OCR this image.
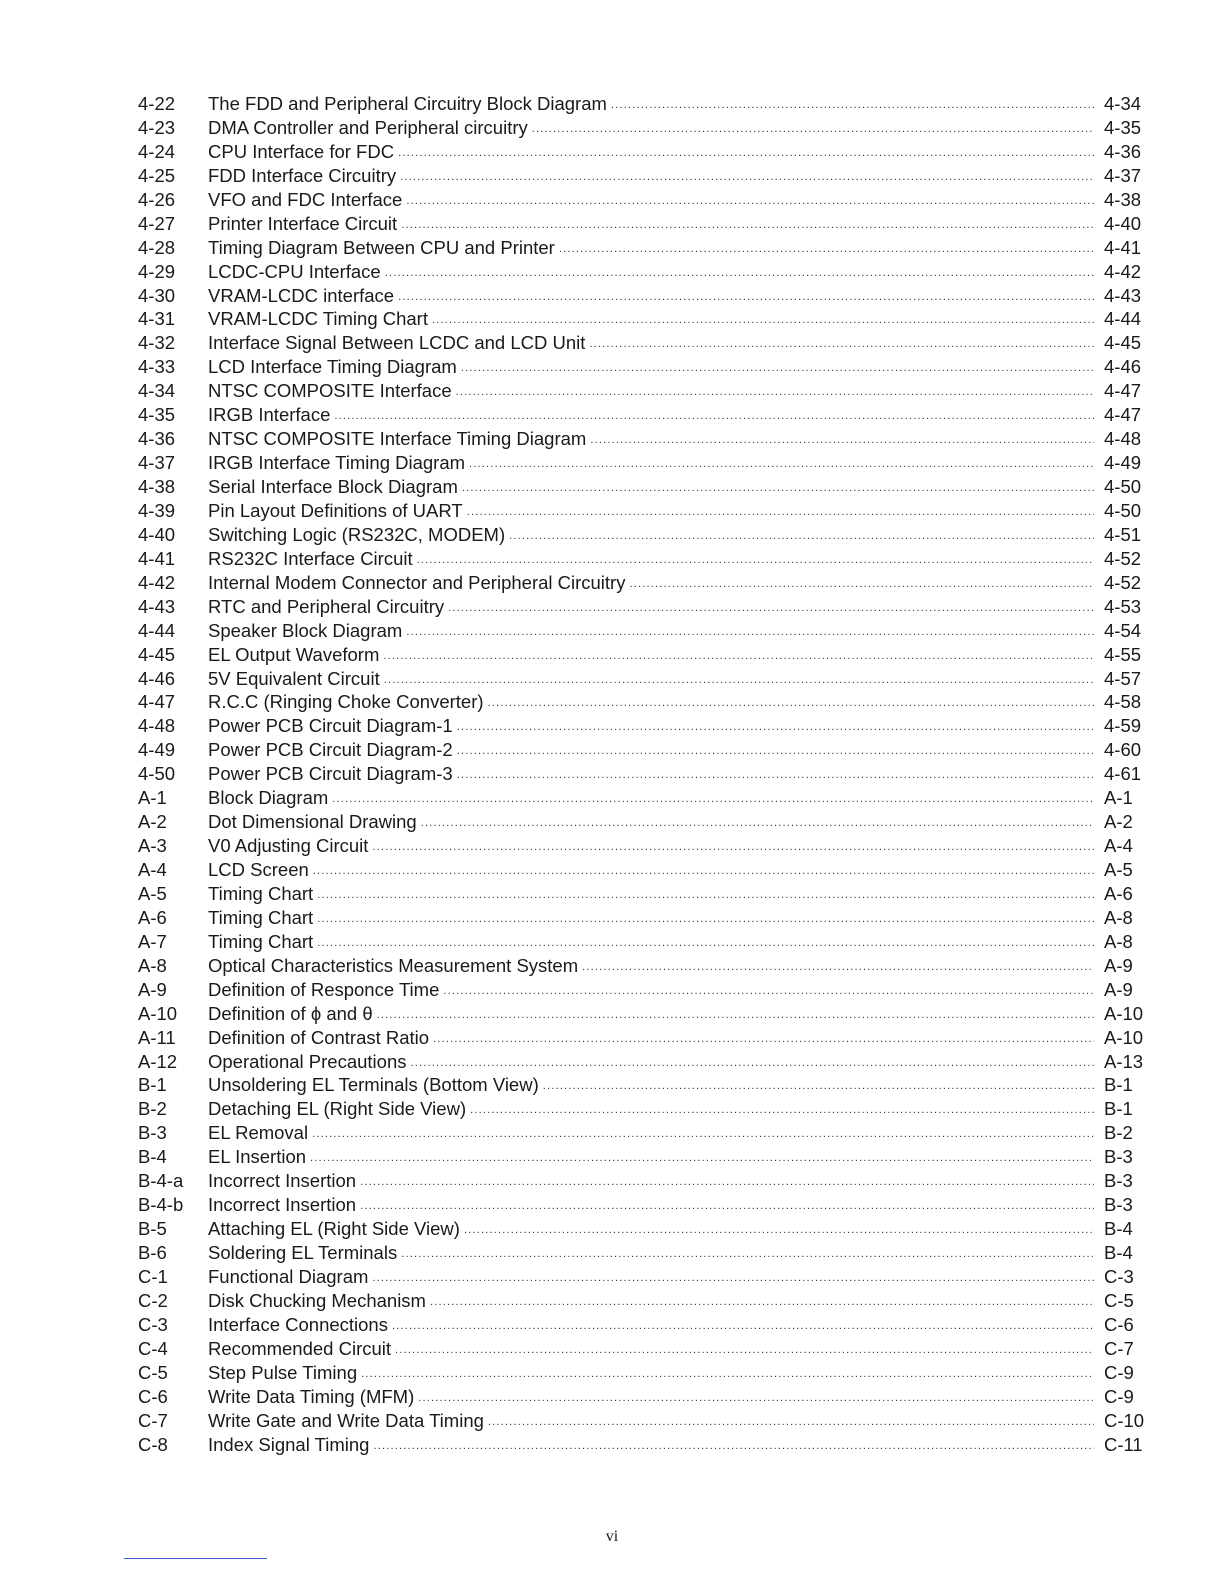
4-22	The FDD and Peripheral Circuitry Block Diagram .....	4-34
4-23	DMA Controller and Peripheral circuitry .....	4-35
4-24	CPU Interface for FDC .....	4-36
4-25	FDD Interface Circuitry .....	4-37
4-26	VFO and FDC Interface .....	4-38
4-27	Printer Interface Circuit .....	4-40
4-28	Timing Diagram Between CPU and Printer .....	4-41
4-29	LCDC-CPU Interface .....	4-42
4-30	VRAM-LCDC interface .....	4-43
4-31	VRAM-LCDC Timing Chart .....	4-44
4-32	Interface Signal Between LCDC and LCD Unit .....	4-45
4-33	LCD Interface Timing Diagram .....	4-46
4-34	NTSC COMPOSITE Interface .....	4-47
4-35	IRGB Interface .....	4-47
4-36	NTSC COMPOSITE Interface Timing Diagram .....	4-48
4-37	IRGB Interface Timing Diagram .....	4-49
4-38	Serial Interface Block Diagram .....	4-50
4-39	Pin Layout Definitions of UART .....	4-50
4-40	Switching Logic (RS232C, MODEM) .....	4-51
4-41	RS232C Interface Circuit .....	4-52
4-42	Internal Modem Connector and Peripheral Circuitry .....	4-52
4-43	RTC and Peripheral Circuitry .....	4-53
4-44	Speaker Block Diagram .....	4-54
4-45	EL Output Waveform .....	4-55
4-46	5V Equivalent Circuit .....	4-57
4-47	R.C.C (Ringing Choke Converter) .....	4-58
4-48	Power PCB Circuit Diagram-1 .....	4-59
4-49	Power PCB Circuit Diagram-2 .....	4-60
4-50	Power PCB Circuit Diagram-3 .....	4-61
A-1	Block Diagram .....	A-1
A-2	Dot Dimensional Drawing .....	A-2
A-3	V0 Adjusting Circuit .....	A-4
A-4	LCD Screen .....	A-5
A-5	Timing Chart .....	A-6
A-6	Timing Chart .....	A-8
A-7	Timing Chart .....	A-8
A-8	Optical Characteristics Measurement System .....	A-9
A-9	Definition of Responce Time .....	A-9
A-10	Definition of ϕ and θ .....	A-10
A-11	Definition of Contrast Ratio .....	A-10
A-12	Operational Precautions .....	A-13
B-1	Unsoldering EL Terminals (Bottom View) .....	B-1
B-2	Detaching EL (Right Side View) .....	B-1
B-3	EL Removal .....	B-2
B-4	EL Insertion .....	B-3
B-4-a	Incorrect Insertion .....	B-3
B-4-b	Incorrect Insertion .....	B-3
B-5	Attaching EL (Right Side View) .....	B-4
B-6	Soldering EL Terminals .....	B-4
C-1	Functional Diagram .....	C-3
C-2	Disk Chucking Mechanism .....	C-5
C-3	Interface Connections .....	C-6
C-4	Recommended Circuit .....	C-7
C-5	Step Pulse Timing .....	C-9
C-6	Write Data Timing (MFM) .....	C-9
C-7	Write Gate and Write Data Timing .....	C-10
C-8	Index Signal Timing .....	C-11
vi
